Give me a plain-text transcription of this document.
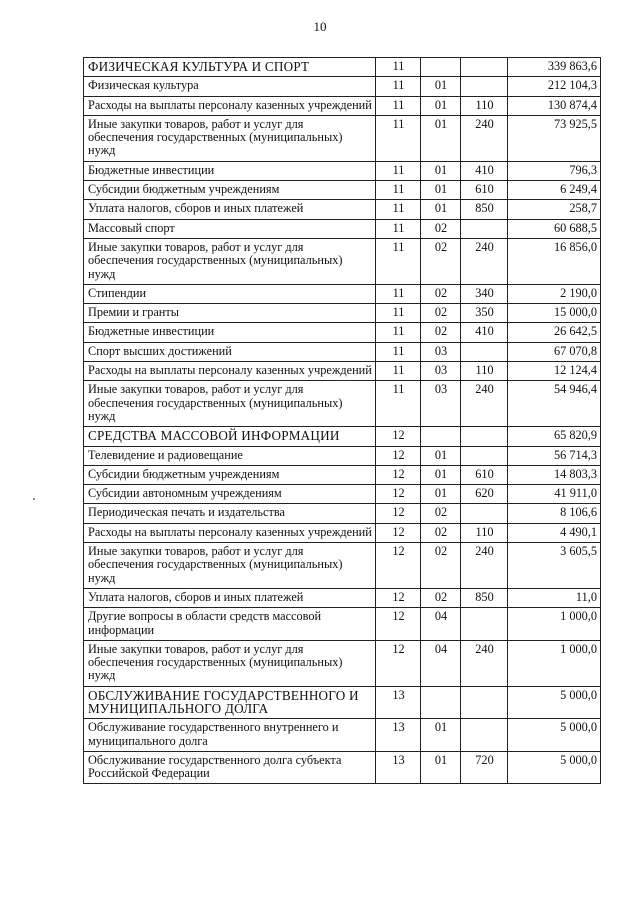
10
ФИЗИЧЕСКАЯ КУЛЬТУРА И СПОРТ	11			339 863,6
Физическая культура	11	01		212 104,3
Расходы на выплаты персоналу казенных учреждений	11	01	110	130 874,4
Иные закупки товаров, работ и услуг для обеспечения государственных (муниципальных) нужд	11	01	240	73 925,5
Бюджетные инвестиции	11	01	410	796,3
Субсидии бюджетным учреждениям	11	01	610	6 249,4
Уплата налогов, сборов и иных платежей	11	01	850	258,7
Массовый спорт	11	02		60 688,5
Иные закупки товаров, работ и услуг для обеспечения государственных (муниципальных) нужд	11	02	240	16 856,0
Стипендии	11	02	340	2 190,0
Премии и гранты	11	02	350	15 000,0
Бюджетные инвестиции	11	02	410	26 642,5
Спорт высших достижений	11	03		67 070,8
Расходы на выплаты персоналу казенных учреждений	11	03	110	12 124,4
Иные закупки товаров, работ и услуг для обеспечения государственных (муниципальных) нужд	11	03	240	54 946,4
СРЕДСТВА МАССОВОЙ ИНФОРМАЦИИ	12			65 820,9
Телевидение и радиовещание	12	01		56 714,3
Субсидии бюджетным учреждениям	12	01	610	14 803,3
Субсидии автономным учреждениям	12	01	620	41 911,0
Периодическая печать и издательства	12	02		8 106,6
Расходы на выплаты персоналу казенных учреждений	12	02	110	4 490,1
Иные закупки товаров, работ и услуг для обеспечения государственных (муниципальных) нужд	12	02	240	3 605,5
Уплата налогов, сборов и иных платежей	12	02	850	11,0
Другие вопросы в области средств массовой информации	12	04		1 000,0
Иные закупки товаров, работ и услуг для обеспечения государственных (муниципальных) нужд	12	04	240	1 000,0
ОБСЛУЖИВАНИЕ ГОСУДАРСТВЕННОГО И МУНИЦИПАЛЬНОГО ДОЛГА	13			5 000,0
Обслуживание государственного внутреннего и муниципального долга	13	01		5 000,0
Обслуживание государственного долга субъекта Российской Федерации	13	01	720	5 000,0
